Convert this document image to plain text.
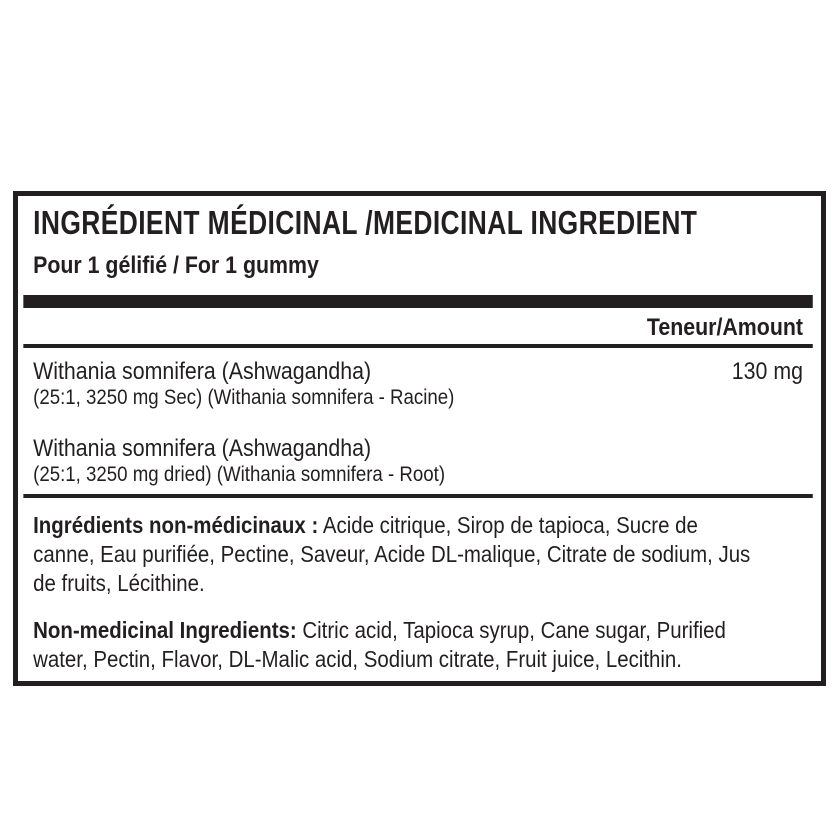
INGRÉDIENT MÉDICINAL /MEDICINAL INGREDIENT
Pour 1 gélifié / For 1 gummy
Teneur/Amount
Withania somnifera (Ashwagandha)	130 mg
(25:1, 3250 mg Sec) (Withania somnifera - Racine)
Withania somnifera (Ashwagandha)
(25:1, 3250 mg dried) (Withania somnifera - Root)
Ingrédients non-médicinaux : Acide citrique, Sirop de tapioca, Sucre de
canne, Eau purifiée, Pectine, Saveur, Acide DL-malique, Citrate de sodium, Jus
de fruits, Lécithine.
Non-medicinal Ingredients: Citric acid, Tapioca syrup, Cane sugar, Purified
water, Pectin, Flavor, DL-Malic acid, Sodium citrate, Fruit juice, Lecithin.
